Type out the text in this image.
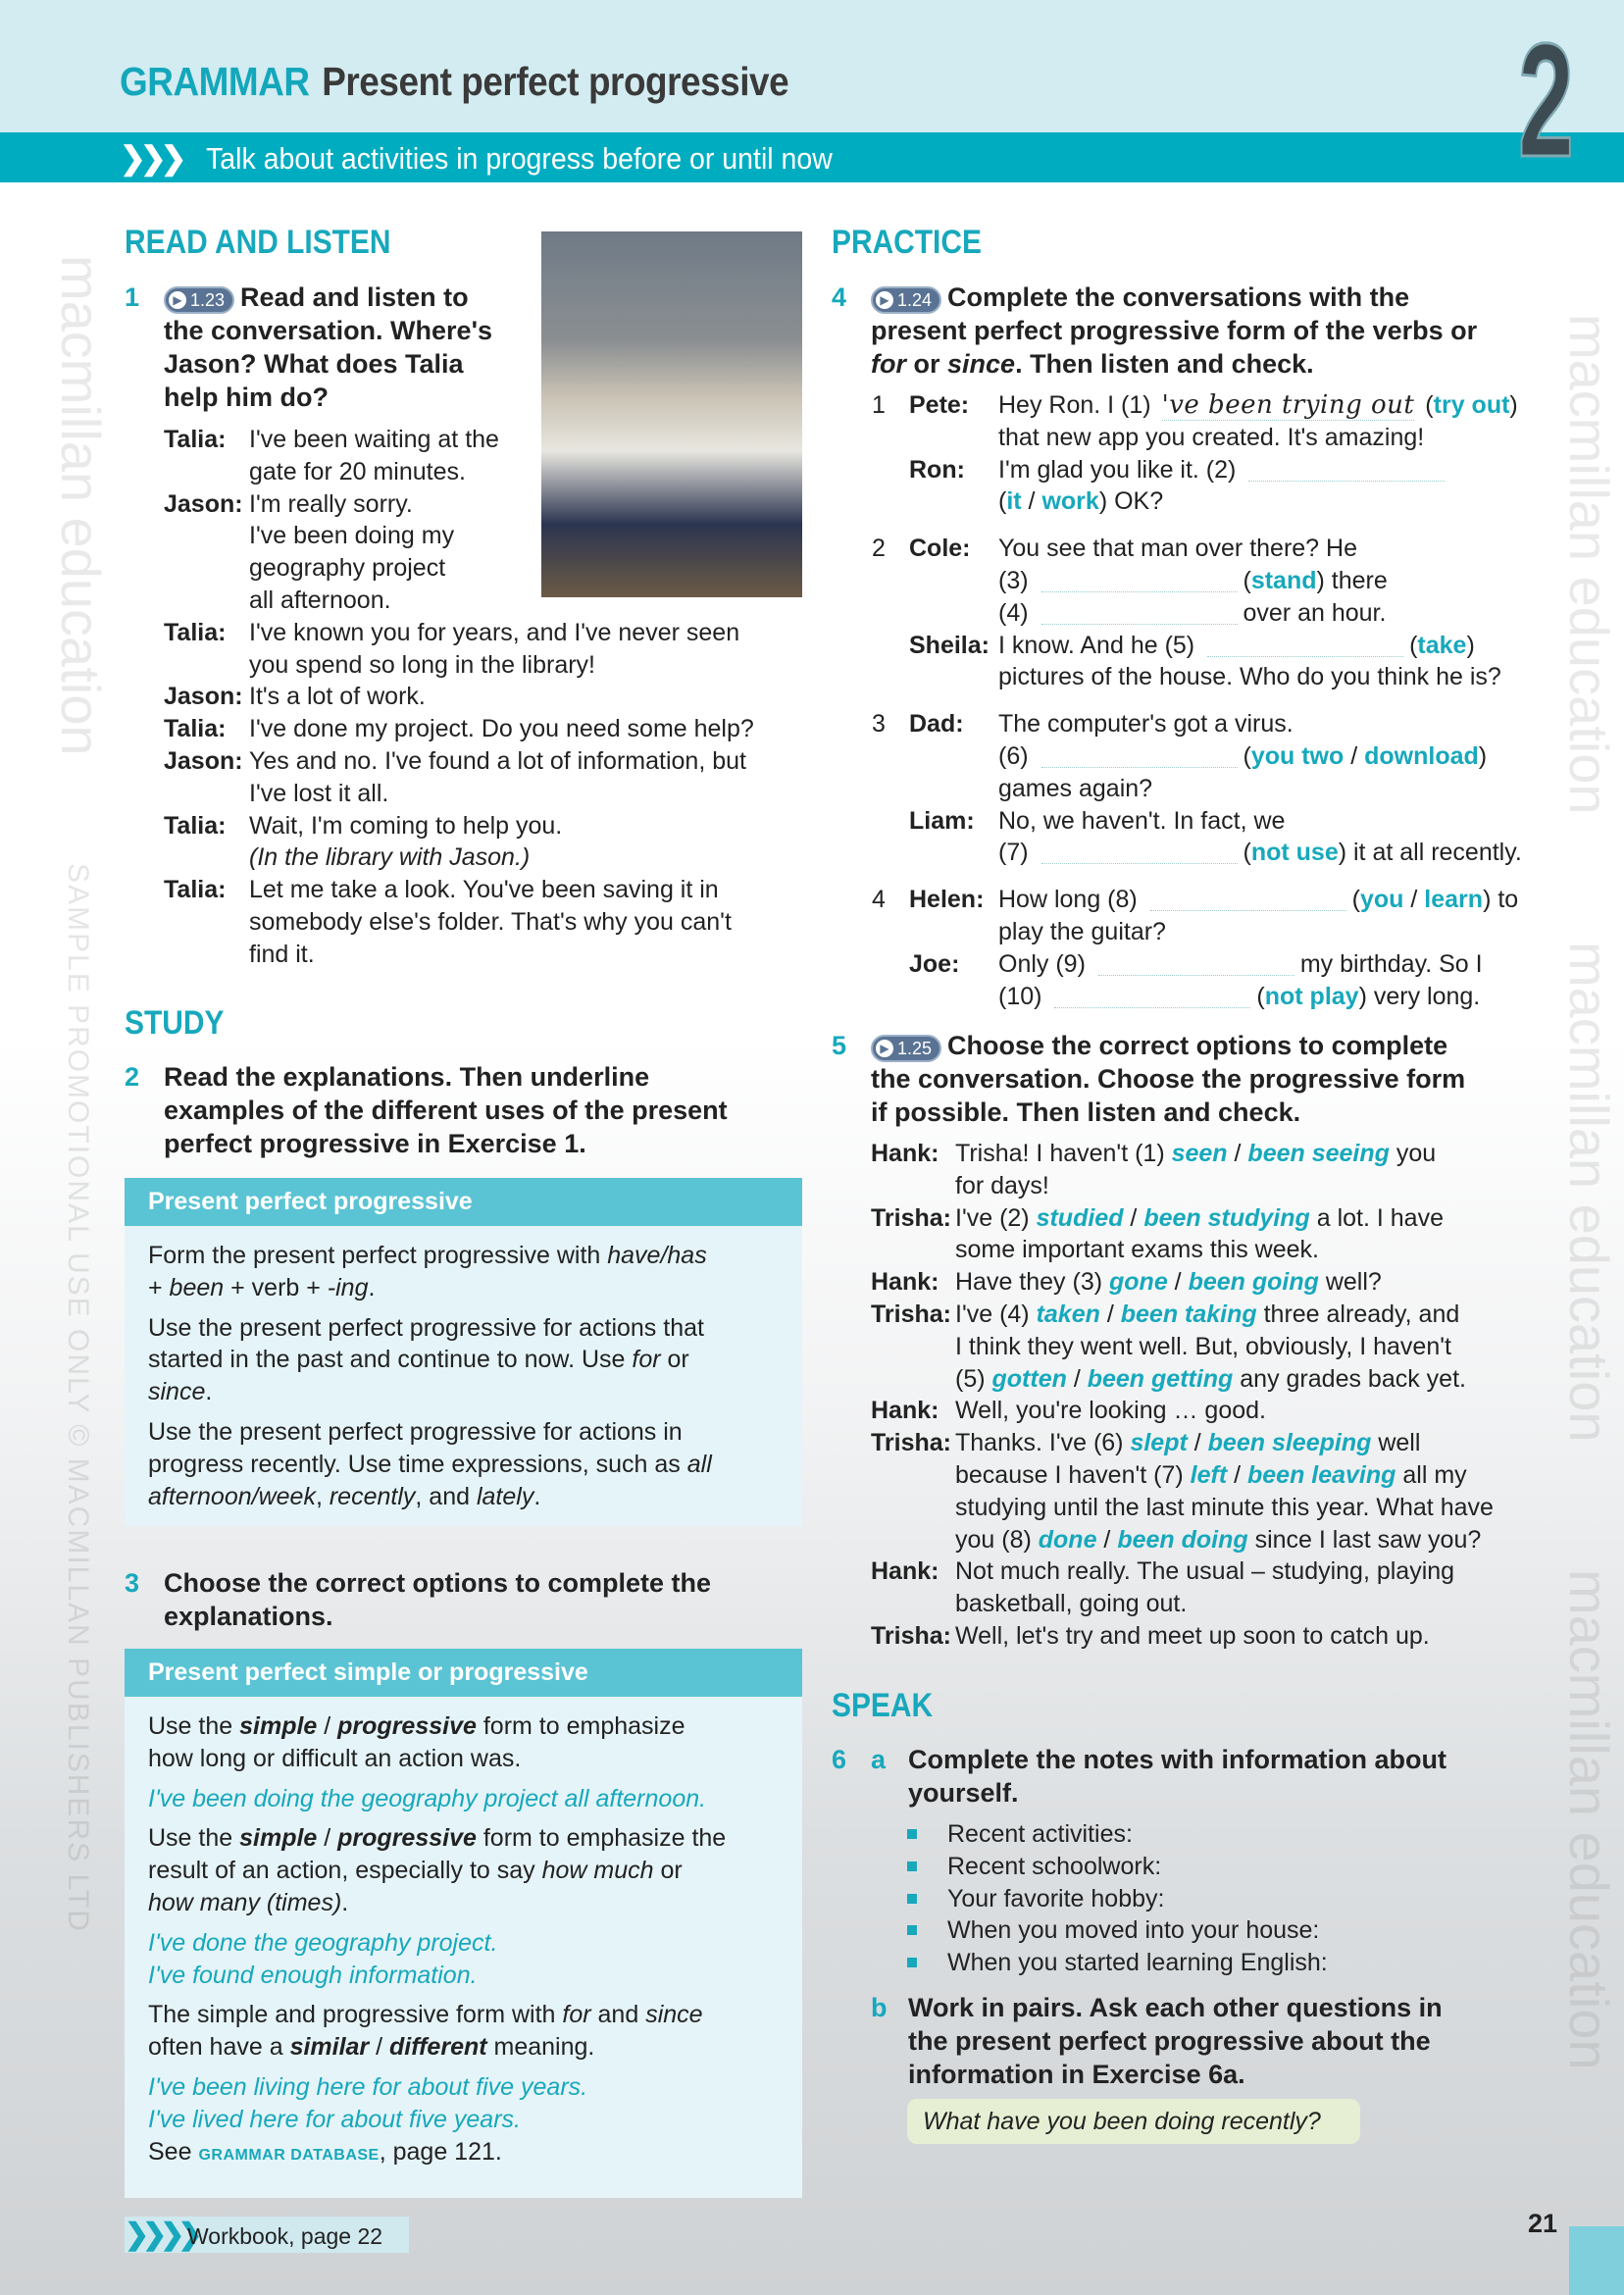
GRAMMAR Present perfect progressive
❯❯❯ Talk about activities in progress before or until now	2
macmillan education
SAMPLE PROMOTIONAL USE ONLY © MACMILLAN PUBLISHERS LTD
macmillan education
macmillan education
macmillan education
READ AND LISTEN
1	▶ 1.23 Read and listen to
the conversation. Where's
Jason? What does Talia
help him do?
Talia: I've been waiting at the
gate for 20 minutes.
Jason: I'm really sorry.
I've been doing my
geography project
all afternoon.
Talia: I've known you for years, and I've never seen
you spend so long in the library!
Jason: It's a lot of work.
Talia: I've done my project. Do you need some help?
Jason: Yes and no. I've found a lot of information, but
I've lost it all.
Talia: Wait, I'm coming to help you.
(In the library with Jason.)
Talia: Let me take a look. You've been saving it in
somebody else's folder. That's why you can't
find it.
STUDY
2 Read the explanations. Then underline
examples of the different uses of the present
perfect progressive in Exercise 1.
Present perfect progressive
Form the present perfect progressive with have/has
+ been + verb + -ing.
Use the present perfect progressive for actions that
started in the past and continue to now. Use for or
since.
Use the present perfect progressive for actions in
progress recently. Use time expressions, such as all
afternoon/week, recently, and lately.
3 Choose the correct options to complete the
explanations.
Present perfect simple or progressive
Use the simple / progressive form to emphasize
how long or difficult an action was.
I've been doing the geography project all afternoon.
Use the simple / progressive form to emphasize the
result of an action, especially to say how much or
how many (times).
I've done the geography project.
I've found enough information.
The simple and progressive form with for and since
often have a similar / different meaning.
I've been living here for about five years.
I've lived here for about five years.
See GRAMMAR DATABASE, page 121.
❯❯❯❯Workbook, page 22
PRACTICE
4	▶ 1.24 Complete the conversations with the
present perfect progressive form of the verbs or
for or since. Then listen and check.
1 Pete:	Hey Ron. I (1) 've been trying out (try out)
that new app you created. It's amazing!
Ron:	I'm glad you like it. (2)
(it / work) OK?
2 Cole:	You see that man over there? He
(3)	(stand) there
(4)	over an hour.
Sheila: I know. And he (5)	(take)
pictures of the house. Who do you think he is?
3 Dad:	The computer's got a virus.
(6)	(you two / download)
games again?
Liam: No, we haven't. In fact, we
(7)	(not use) it at all recently.
4 Helen: How long (8)	(you / learn) to
play the guitar?
Joe:	Only (9)	my birthday. So I
(10)	(not play) very long.
5	▶ 1.25 Choose the correct options to complete
the conversation. Choose the progressive form
if possible. Then listen and check.
Hank: Trisha! I haven't (1) seen / been seeing you
for days!
Trisha: I've (2) studied / been studying a lot. I have
some important exams this week.
Hank: Have they (3) gone / been going well?
Trisha: I've (4) taken / been taking three already, and
I think they went well. But, obviously, I haven't
(5) gotten / been getting any grades back yet.
Hank: Well, you're looking … good.
Trisha: Thanks. I've (6) slept / been sleeping well
because I haven't (7) left / been leaving all my
studying until the last minute this year. What have
you (8) done / been doing since I last saw you?
Hank: Not much really. The usual – studying, playing
basketball, going out.
Trisha: Well, let's try and meet up soon to catch up.
SPEAK
6 a Complete the notes with information about
yourself.
Recent activities:
Recent schoolwork:
Your favorite hobby:
When you moved into your house:
When you started learning English:
b Work in pairs. Ask each other questions in
the present perfect progressive about the
information in Exercise 6a.
What have you been doing recently?
21
